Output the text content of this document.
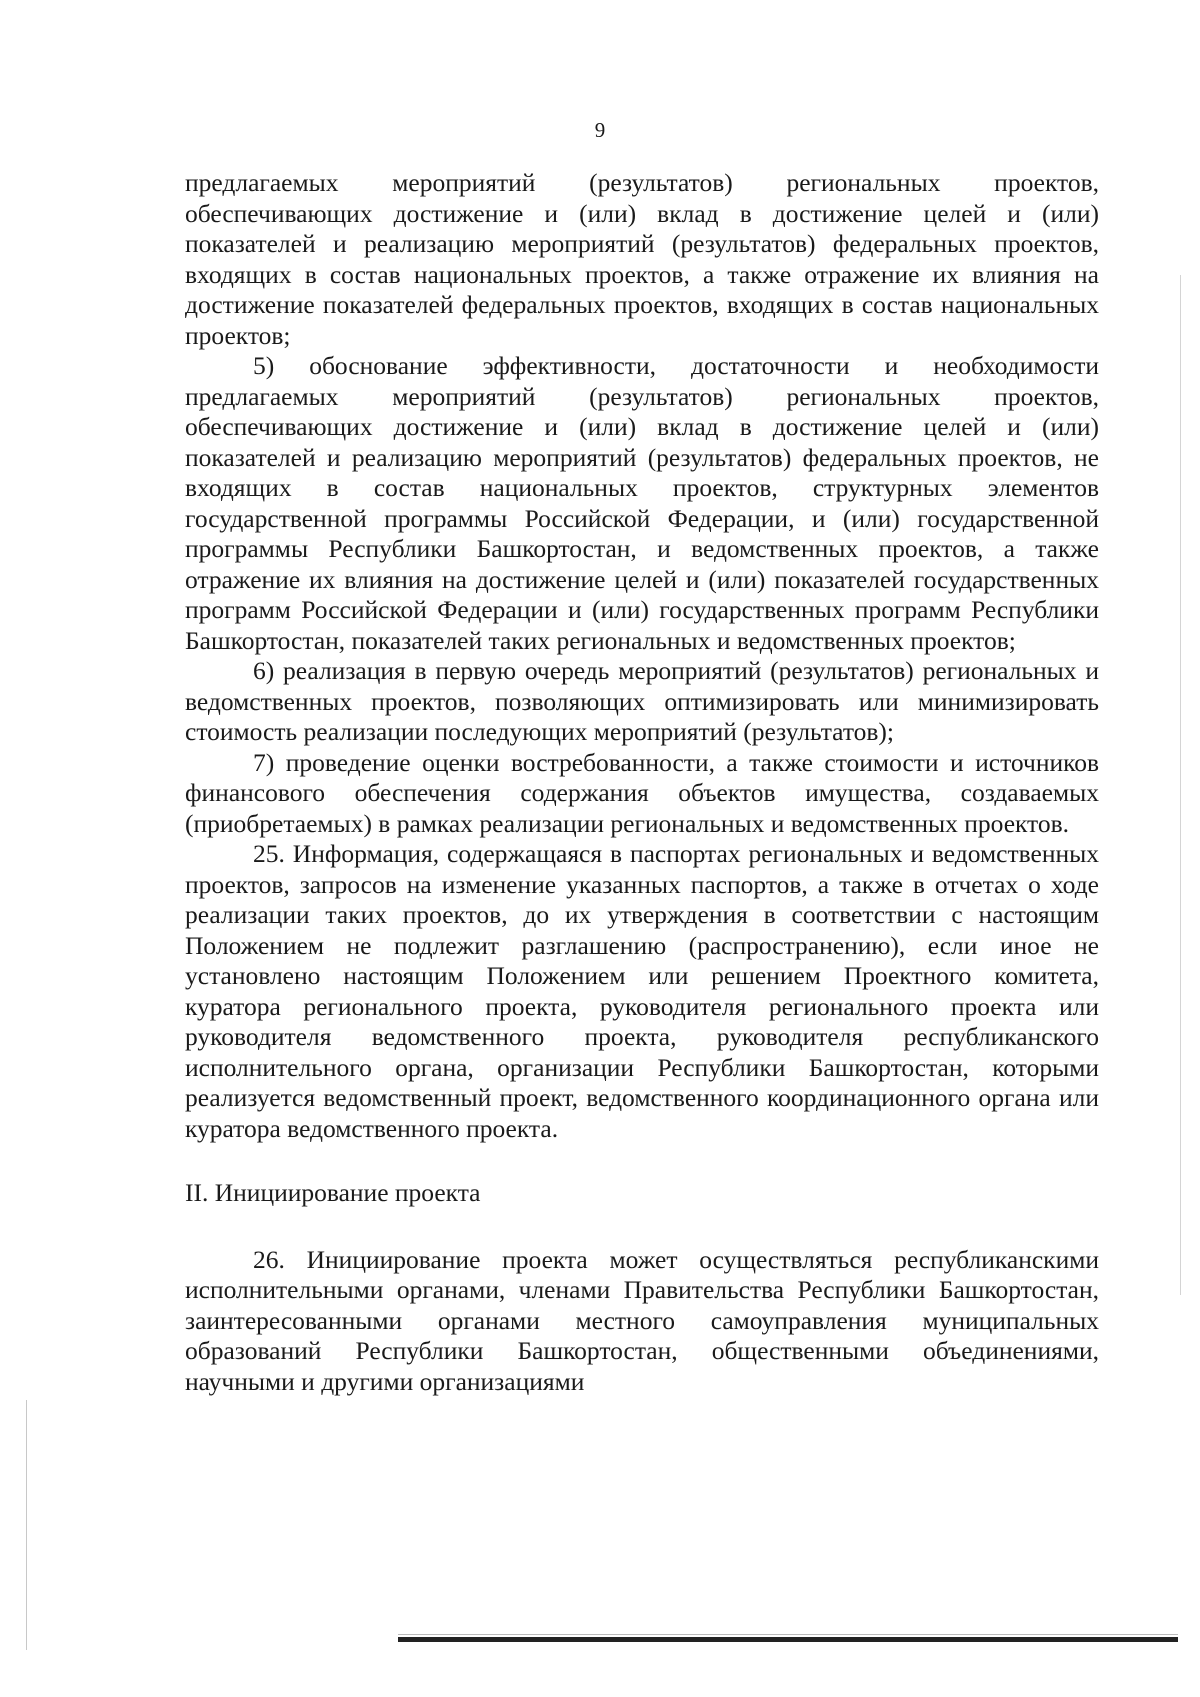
9

предлагаемых мероприятий (результатов) региональных проектов, обеспечивающих достижение и (или) вклад в достижение целей и (или) показателей и реализацию мероприятий (результатов) федеральных проектов, входящих в состав национальных проектов, а также отражение их влияния на достижение показателей федеральных проектов, входящих в состав национальных проектов;

5) обоснование эффективности, достаточности и необходимости предлагаемых мероприятий (результатов) региональных проектов, обеспечивающих достижение и (или) вклад в достижение целей и (или) показателей и реализацию мероприятий (результатов) федеральных проектов, не входящих в состав национальных проектов, структурных элементов государственной программы Российской Федерации, и (или) государственной программы Республики Башкортостан, и ведомственных проектов, а также отражение их влияния на достижение целей и (или) показателей государственных программ Российской Федерации и (или) государственных программ Республики Башкортостан, показателей таких региональных и ведомственных проектов;

6) реализация в первую очередь мероприятий (результатов) региональных и ведомственных проектов, позволяющих оптимизировать или минимизировать стоимость реализации последующих мероприятий (результатов);

7) проведение оценки востребованности, а также стоимости и источников финансового обеспечения содержания объектов имущества, создаваемых (приобретаемых) в рамках реализации региональных и ведомственных проектов.

25. Информация, содержащаяся в паспортах региональных и ведомственных проектов, запросов на изменение указанных паспортов, а также в отчетах о ходе реализации таких проектов, до их утверждения в соответствии с настоящим Положением не подлежит разглашению (распространению), если иное не установлено настоящим Положением или решением Проектного комитета, куратора регионального проекта, руководителя регионального проекта или руководителя ведомственного проекта, руководителя республиканского исполнительного органа, организации Республики Башкортостан, которыми реализуется ведомственный проект, ведомственного координационного органа или куратора ведомственного проекта.

II. Инициирование проекта

26. Инициирование проекта может осуществляться республиканскими исполнительными органами, членами Правительства Республики Башкортостан, заинтересованными органами местного самоуправления муниципальных образований Республики Башкортостан, общественными объединениями, научными и другими организациями
